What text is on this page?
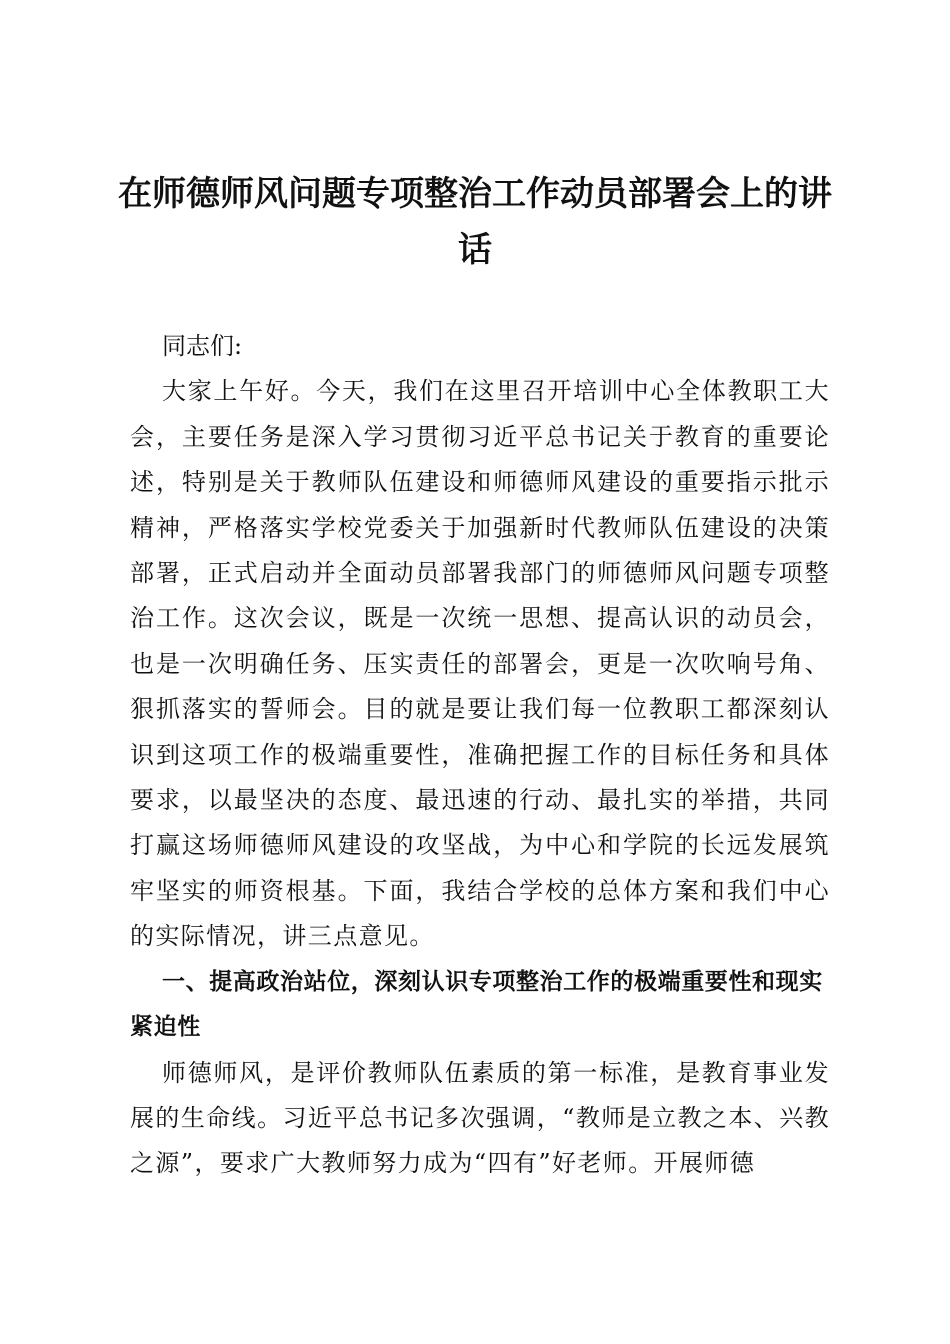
在师德师风问题专项整治工作动员部署会上的讲话

同志们:

大家上午好。今天，我们在这里召开培训中心全体教职工大会，主要任务是深入学习贯彻习近平总书记关于教育的重要论述，特别是关于教师队伍建设和师德师风建设的重要指示批示精神，严格落实学校党委关于加强新时代教师队伍建设的决策部署，正式启动并全面动员部署我部门的师德师风问题专项整治工作。这次会议，既是一次统一思想、提高认识的动员会，也是一次明确任务、压实责任的部署会，更是一次吹响号角、狠抓落实的誓师会。目的就是要让我们每一位教职工都深刻认识到这项工作的极端重要性，准确把握工作的目标任务和具体要求，以最坚决的态度、最迅速的行动、最扎实的举措，共同打赢这场师德师风建设的攻坚战，为中心和学院的长远发展筑牢坚实的师资根基。下面，我结合学校的总体方案和我们中心的实际情况，讲三点意见。

一、提高政治站位，深刻认识专项整治工作的极端重要性和现实紧迫性

师德师风，是评价教师队伍素质的第一标准，是教育事业发展的生命线。习近平总书记多次强调，“教师是立教之本、兴教之源”，要求广大教师努力成为“四有”好老师。开展师德
